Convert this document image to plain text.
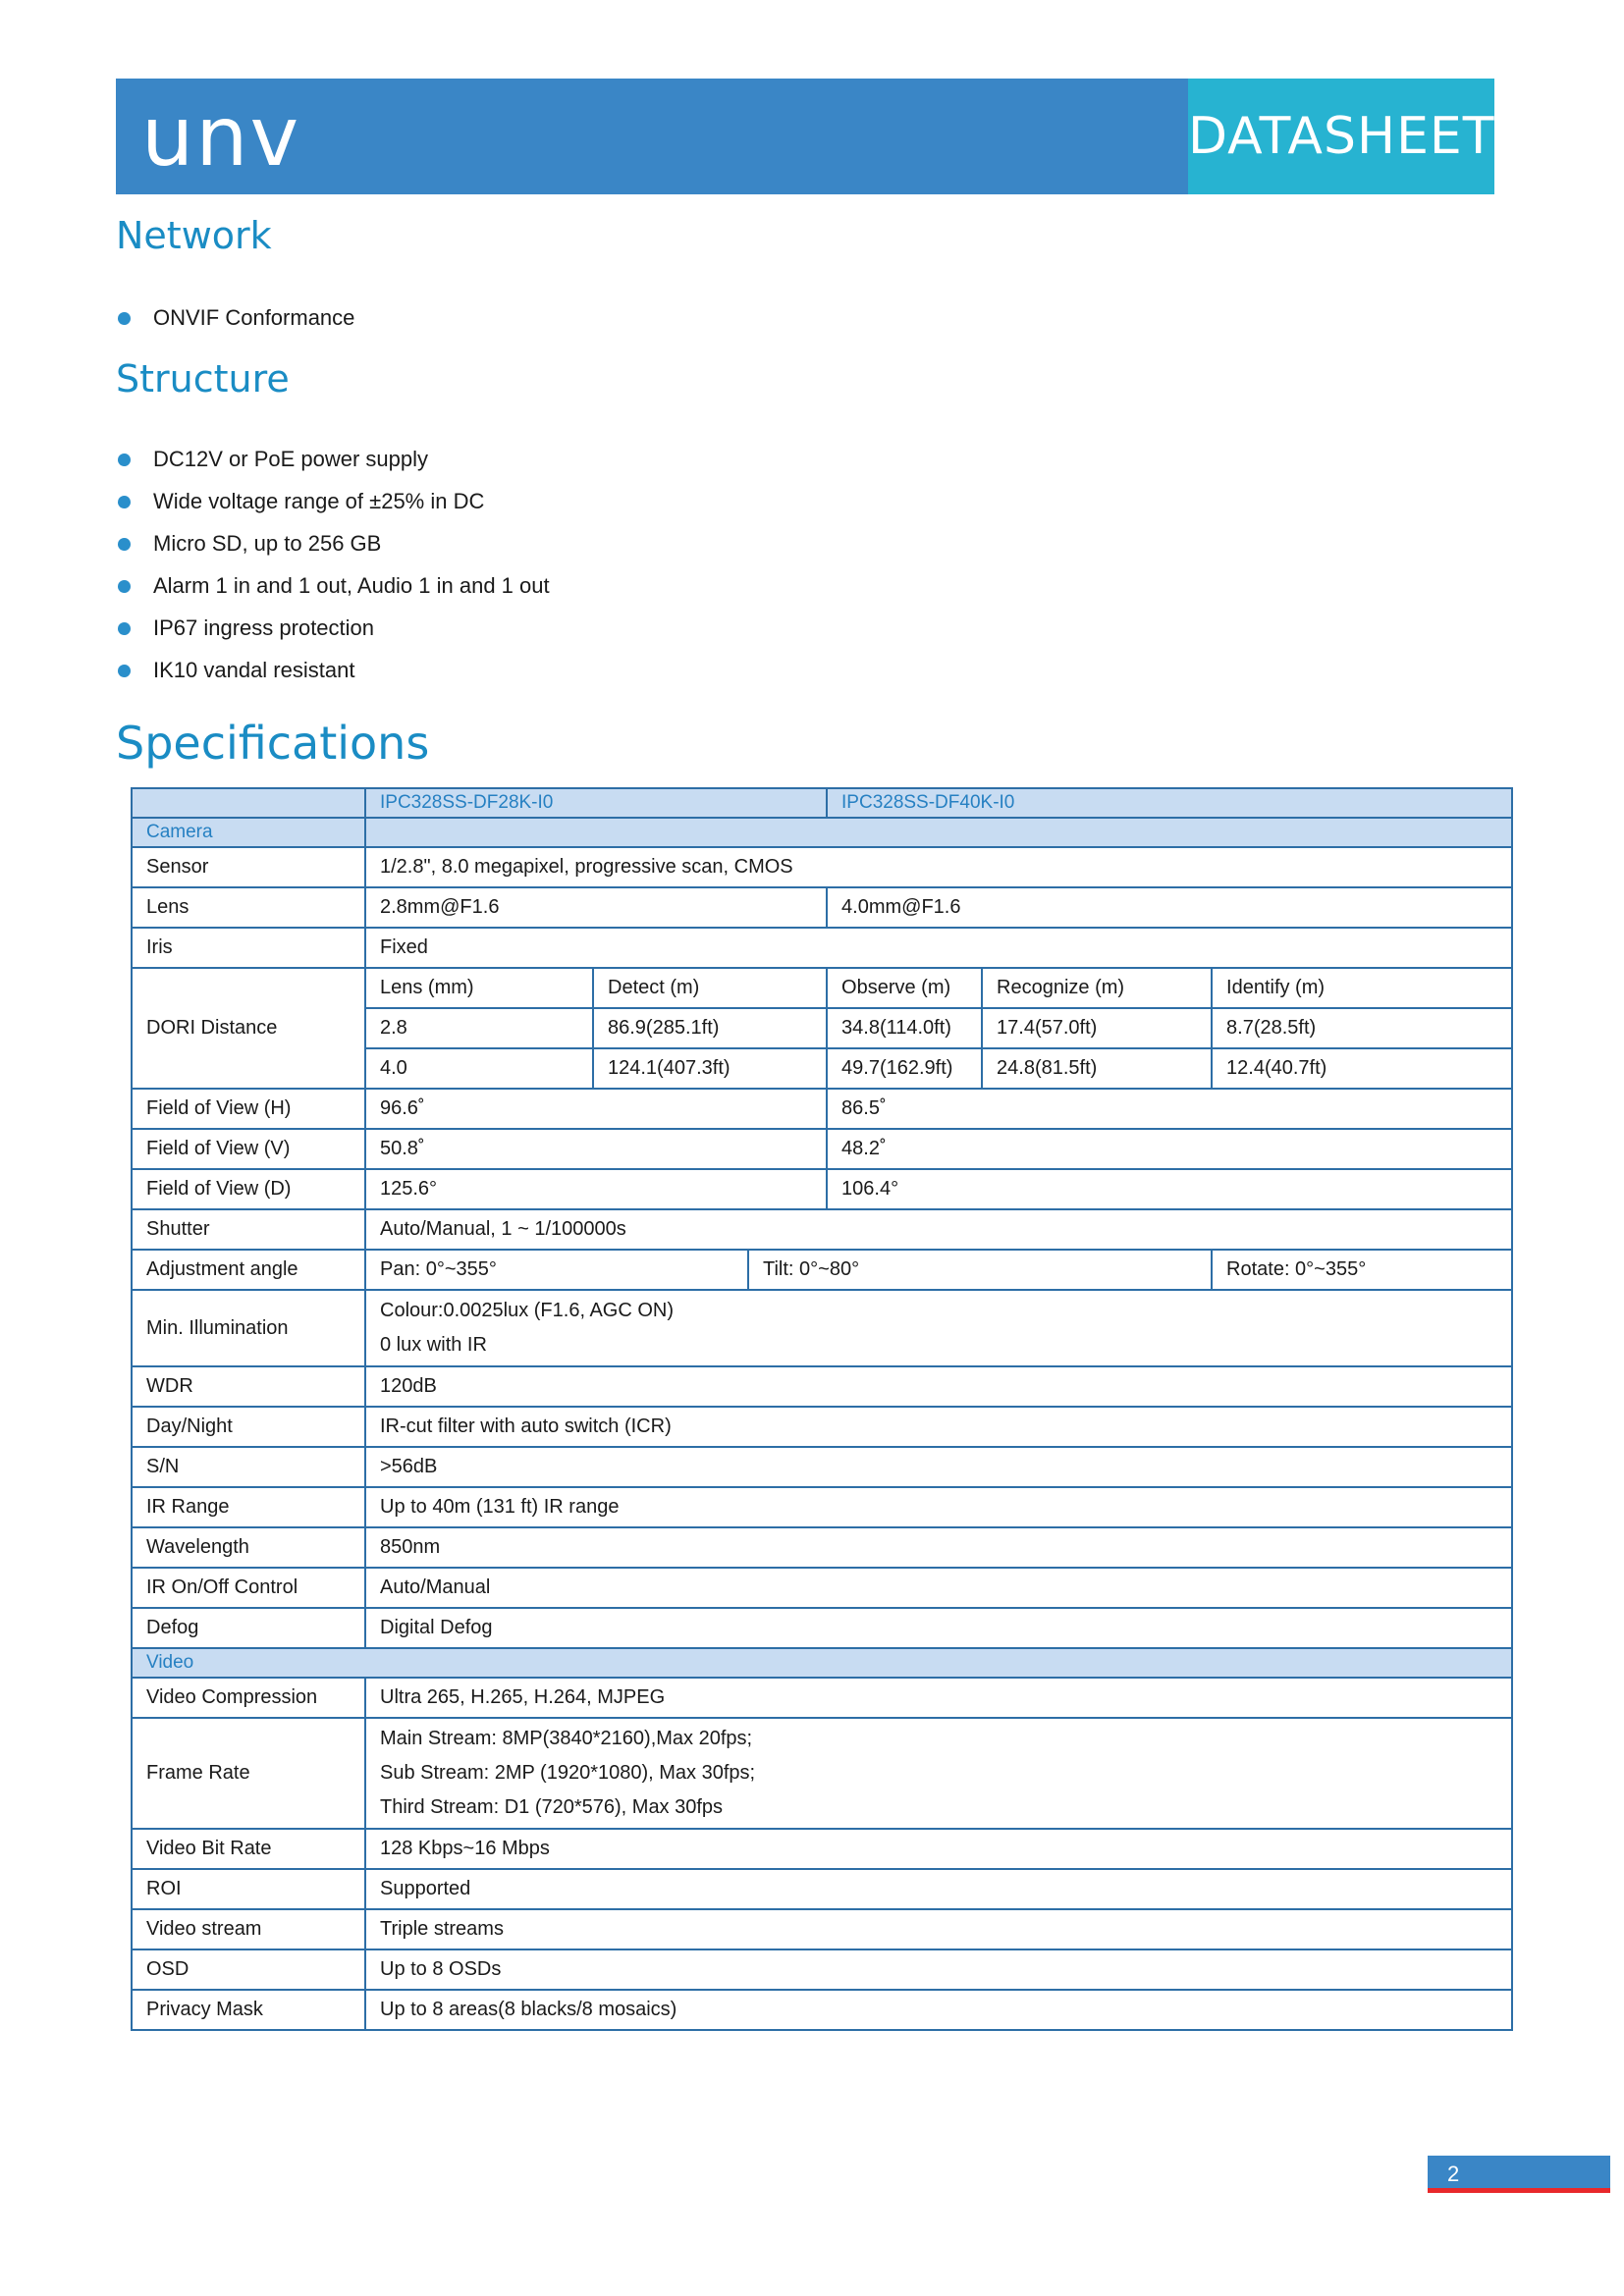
unv	DATASHEET
Network
ONVIF Conformance
Structure
DC12V or PoE power supply
Wide voltage range of ±25% in DC
Micro SD, up to 256 GB
Alarm 1 in and 1 out, Audio 1 in and 1 out
IP67 ingress protection
IK10 vandal resistant
Specifications
	IPC328SS-DF28K-I0			IPC328SS-DF40K-I0		
Camera						
Sensor	1/2.8", 8.0 megapixel, progressive scan, CMOS					
Lens	2.8mm@F1.6			4.0mm@F1.6		
Iris	Fixed					
DORI Distance	Lens (mm)	Detect (m)		Observe (m)	Recognize (m)	Identify (m)
	2.8	86.9(285.1ft)		34.8(114.0ft)	17.4(57.0ft)	8.7(28.5ft)
	4.0	124.1(407.3ft)		49.7(162.9ft)	24.8(81.5ft)	12.4(40.7ft)
Field of View (H)	96.6˚			86.5˚		
Field of View (V)	50.8˚			48.2˚		
Field of View (D)	125.6°			106.4°		
Shutter	Auto/Manual, 1 ~ 1/100000s					
Adjustment angle	Pan: 0°~355°		Tilt: 0°~80°			Rotate: 0°~355°
Min. Illumination	Colour:0.0025lux (F1.6, AGC ON)
0 lux with IR					

WDR	120dB					
Day/Night	IR-cut filter with auto switch (ICR)					
S/N	>56dB					
IR Range	Up to 40m (131 ft) IR range					
Wavelength	850nm					
IR On/Off Control	Auto/Manual					
Defog	Digital Defog					
Video						
Video Compression	Ultra 265, H.265, H.264, MJPEG					
Frame Rate	Main Stream: 8MP(3840*2160),Max 20fps;
Sub Stream: 2MP (1920*1080), Max 30fps;
Third Stream: D1 (720*576), Max 30fps					

Video Bit Rate	128 Kbps~16 Mbps					
ROI	Supported					
Video stream	Triple streams					
OSD	Up to 8 OSDs					
Privacy Mask	Up to 8 areas(8 blacks/8 mosaics)					
2
